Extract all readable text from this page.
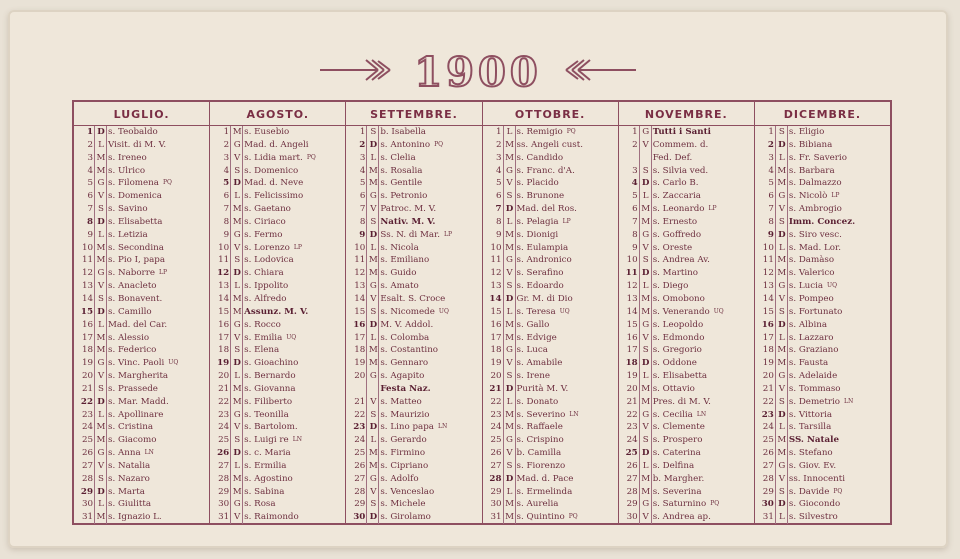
1900
LUGLIO.
1 D s. Teobaldo
2 L Visit. di M. V.
3 M s. Ireneo
4 M s. Ulrico
5 G s. Filomena PQ
6 V s. Domenica
7 S s. Savino
8 D s. Elisabetta
9 L s. Letizia
10 M s. Secondina
11 M s. Pio I, papa
12 G s. Naborre LP
13 V s. Anacleto
14 S s. Bonavent.
15 D s. Camillo
16 L Mad. del Car.
17 M s. Alessio
18 M s. Federico
19 G s. Vinc. Paoli UQ
20 V s. Margherita
21 S s. Prassede
22 D s. Mar. Madd.
23 L s. Apollinare
24 M s. Cristina
25 M s. Giacomo
26 G s. Anna LN
27 V s. Natalia
28 S s. Nazaro
29 D s. Marta
30 L s. Giulitta
31 M s. Ignazio L.
AGOSTO.
1 M s. Eusebio
2 G Mad. d. Angeli
3 V s. Lidia mart. PQ
4 S s. Domenico
5 D Mad. d. Neve
6 L s. Felicissimo
7 M s. Gaetano
8 M s. Ciriaco
9 G s. Fermo
10 V s. Lorenzo LP
11 S s. Lodovica
12 D s. Chiara
13 L s. Ippolito
14 M s. Alfredo
15 M Assunz. M. V.
16 G s. Rocco
17 V s. Emilia UQ
18 S s. Elena
19 D s. Gioachino
20 L s. Bernardo
21 M s. Giovanna
22 M s. Filiberto
23 G s. Teonilla
24 V s. Bartolom.
25 S s. Luigi re LN
26 D s. c. Maria
27 L s. Ermilia
28 M s. Agostino
29 M s. Sabina
30 G s. Rosa
31 V s. Raimondo
SETTEMBRE.
1 S b. Isabella
2 D s. Antonino PQ
3 L s. Clelia
4 M s. Rosalia
5 M s. Gentile
6 G s. Petronio
7 V Patroc. M. V.
8 S Nativ. M. V.
9 D Ss. N. di Mar. LP
10 L s. Nicola
11 M s. Emiliano
12 M s. Guido
13 G s. Amato
14 V Esalt. S. Croce
15 S s. Nicomede UQ
16 D M. V. Addol.
17 L s. Colomba
18 M s. Costantino
19 M s. Gennaro
20 G s. Agapito
Festa Naz.
21 V s. Matteo
22 S s. Maurizio
23 D s. Lino papa LN
24 L s. Gerardo
25 M s. Firmino
26 M s. Cipriano
27 G s. Adolfo
28 V s. Venceslao
29 S s. Michele
30 D s. Girolamo
OTTOBRE.
1 L s. Remigio PQ
2 M ss. Angeli cust.
3 M s. Candido
4 G s. Franc. d'A.
5 V s. Placido
6 S s. Brunone
7 D Mad. del Ros.
8 L s. Pelagia LP
9 M s. Dionigi
10 M s. Eulampia
11 G s. Andronico
12 V s. Serafino
13 S s. Edoardo
14 D Gr. M. di Dio
15 L s. Teresa UQ
16 M s. Gallo
17 M s. Edvige
18 G s. Luca
19 V s. Amabile
20 S s. Irene
21 D Purità M. V.
22 L s. Donato
23 M s. Severino LN
24 M s. Raffaele
25 G s. Crispino
26 V b. Camilla
27 S s. Fiorenzo
28 D Mad. d. Pace
29 L s. Ermelinda
30 M s. Aurelia
31 M s. Quintino PQ
NOVEMBRE.
1 G Tutti i Santi
2 V Commem. d.
Fed. Def.
3 S s. Silvia ved.
4 D s. Carlo B.
5 L s. Zaccaria
6 M s. Leonardo LP
7 M s. Ernesto
8 G s. Goffredo
9 V s. Oreste
10 S s. Andrea Av.
11 D s. Martino
12 L s. Diego
13 M s. Omobono
14 M s. Venerando UQ
15 G s. Leopoldo
16 V s. Edmondo
17 S s. Gregorio
18 D s. Oddone
19 L s. Elisabetta
20 M s. Ottavio
21 M Pres. di M. V.
22 G s. Cecilia LN
23 V s. Clemente
24 S s. Prospero
25 D s. Caterina
26 L s. Delfina
27 M b. Margher.
28 M s. Severina
29 G s. Saturnino PQ
30 V s. Andrea ap.
DICEMBRE.
1 S s. Eligio
2 D s. Bibiana
3 L s. Fr. Saverio
4 M s. Barbara
5 M s. Dalmazzo
6 G s. Nicolò LP
7 V s. Ambrogio
8 S Imm. Concez.
9 D s. Siro vesc.
10 L s. Mad. Lor.
11 M s. Damàso
12 M s. Valerico
13 G s. Lucia UQ
14 V s. Pompeo
15 S s. Fortunato
16 D s. Albina
17 L s. Lazzaro
18 M s. Graziano
19 M s. Fausta
20 G s. Adelaide
21 V s. Tommaso
22 S s. Demetrio LN
23 D s. Vittoria
24 L s. Tarsilla
25 M SS. Natale
26 M s. Stefano
27 G s. Giov. Ev.
28 V ss. Innocenti
29 S s. Davide PQ
30 D s. Giocondo
31 L s. Silvestro
